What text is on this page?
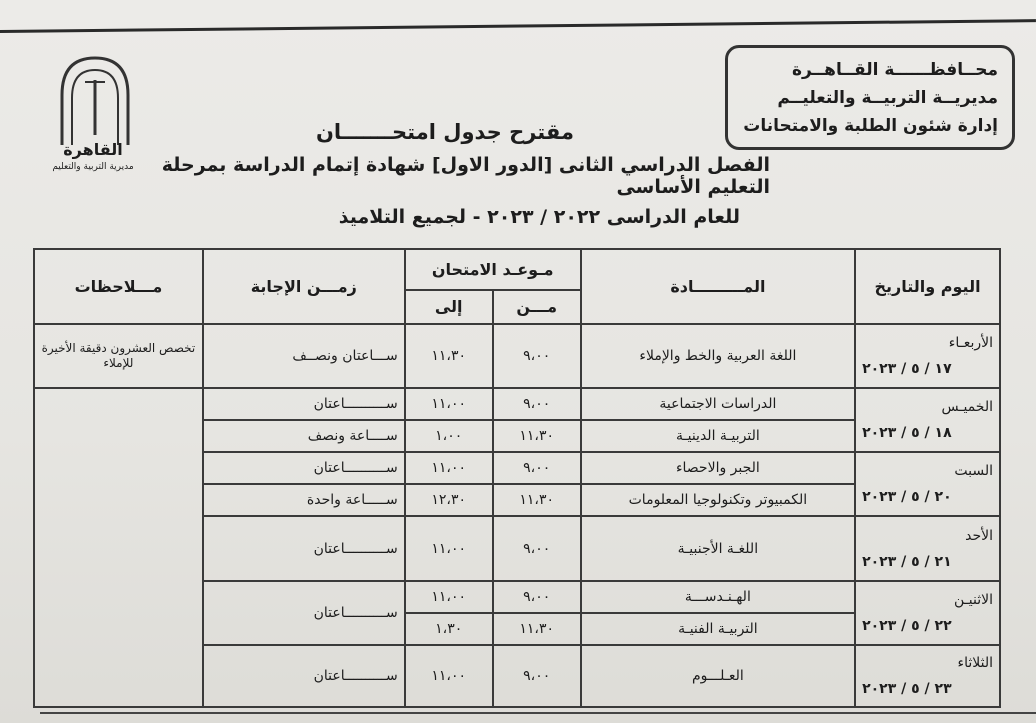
محــافظــــــة القــاهــرة
مديريــة التربيــة والتعليــم
إدارة شئون الطلبة والامتحانات
القاهرة
مديرية التربية والتعليم
مقترح جدول امتحـــــــان
الفصل الدراسي الثانى [الدور الاول] شهادة إتمام الدراسة بمرحلة التعليم الأساسى
للعام الدراسى ٢٠٢٢ / ٢٠٢٣ - لجميع التلاميذ
اليوم والتاريخ	المـــــــــادة	مـوعـد الامتحان		زمـــن الإجابة	مـــلاحظات
		مـــن	إلى		

الأربعـاء
١٧ / ٥ / ٢٠٢٣	اللغة العربية والخط والإملاء	٩،٠٠	١١،٣٠	ســـاعتان ونصــف	تخصص العشرون دقيقة الأخيرة للإملاء

الخميـس
١٨ / ٥ / ٢٠٢٣	الدراسات الاجتماعية	٩،٠٠	١١،٠٠	ســــــــــاعتان	
	التربيـة الدينيـة	١١،٣٠	١،٠٠	ســــاعة ونصف	

السبت
٢٠ / ٥ / ٢٠٢٣	الجبر والاحصاء	٩،٠٠	١١،٠٠	ســــــــــاعتان	
	الكمبيوتر وتكنولوجيا المعلومات	١١،٣٠	١٢،٣٠	ســـــاعة واحدة	

الأحد
٢١ / ٥ / ٢٠٢٣	اللغـة الأجنبيـة	٩،٠٠	١١،٠٠	ســــــــــاعتان	

الاثنيـن
٢٢ / ٥ / ٢٠٢٣	الهـنـدســـة	٩،٠٠	١١،٠٠	ســــــــــاعتان	
	التربيـة الفنيـة	١١،٣٠	١،٣٠		

الثلاثاء
٢٣ / ٥ / ٢٠٢٣	العـلـــوم	٩،٠٠	١١،٠٠	ســــــــــاعتان	
